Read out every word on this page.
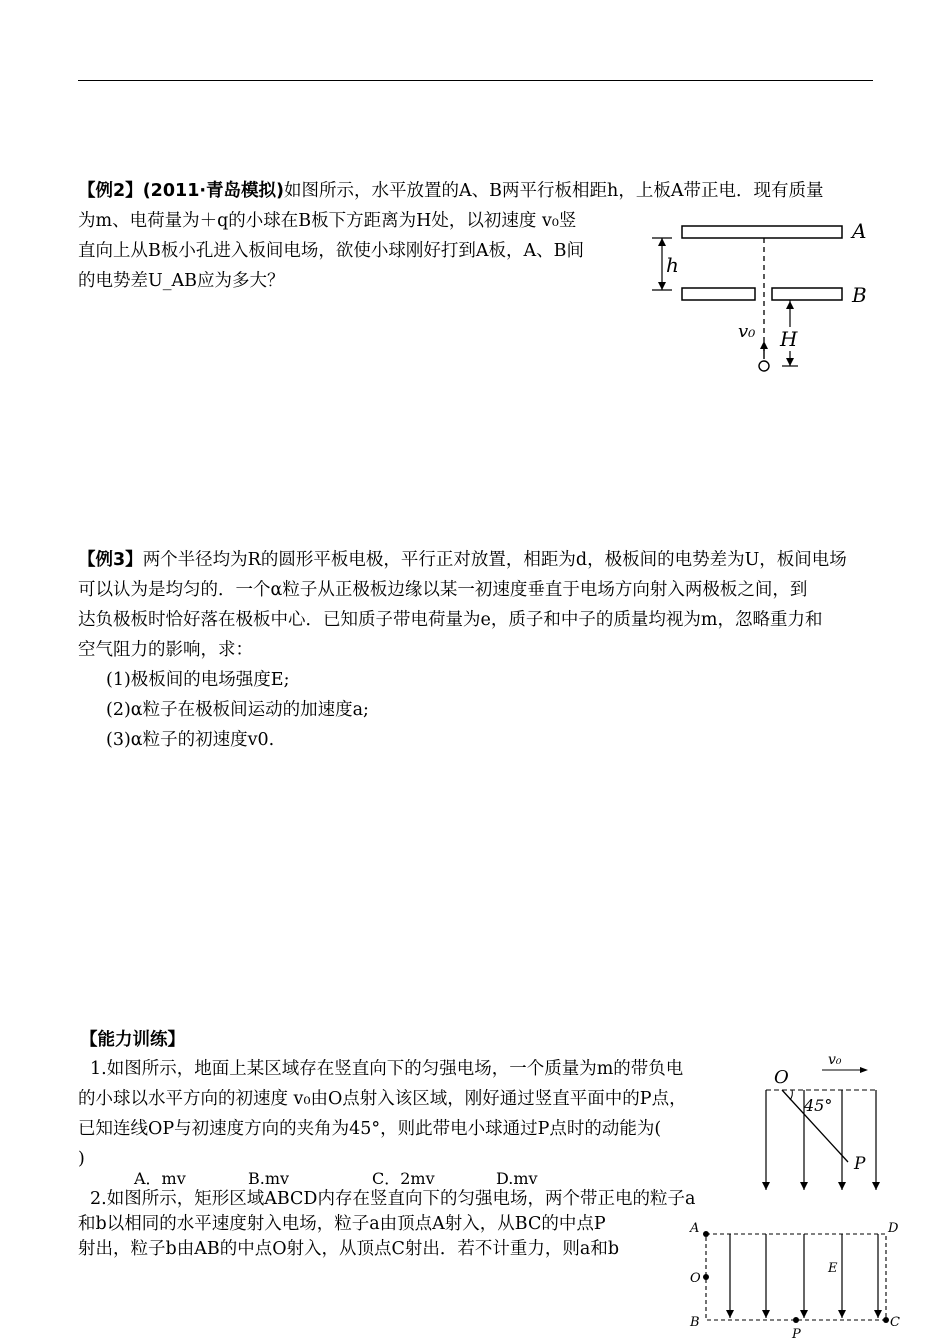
【例2】(2011·青岛模拟)如图所示，水平放置的A、B两平行板相距h，上板A带正电．现有质量
为m、电荷量为＋q的小球在B板下方距离为H处，以初速度 v₀竖
直向上从B板小孔进入板间电场，欲使小球刚好打到A板，A、B间
的电势差U_AB应为多大？
A
B
h
v₀ H
【例3】两个半径均为R的圆形平板电极，平行正对放置，相距为d，极板间的电势差为U，板间电场
可以认为是均匀的．一个α粒子从正极板边缘以某一初速度垂直于电场方向射入两极板之间，到
达负极板时恰好落在极板中心．已知质子带电荷量为e，质子和中子的质量均视为m，忽略重力和
空气阻力的影响，求：
(1)极板间的电场强度E;
(2)α粒子在极板间运动的加速度a;
(3)α粒子的初速度v0.
【能力训练】
1.如图所示，地面上某区域存在竖直向下的匀强电场，一个质量为m的带负电
的小球以水平方向的初速度 v₀由O点射入该区域，刚好通过竖直平面中的P点，
已知连线OP与初速度方向的夹角为45°，则此带电小球通过P点时的动能为(
)
A．mv	B.mv	C．2mv	D.mv
O
v₀
45°
P
2.如图所示，矩形区域ABCD内存在竖直向下的匀强电场，两个带正电的粒子a
和b以相同的水平速度射入电场，粒子a由顶点A射入，从BC的中点P
射出，粒子b由AB的中点O射入，从顶点C射出．若不计重力，则a和b
A	D
O
E
B	C
P
